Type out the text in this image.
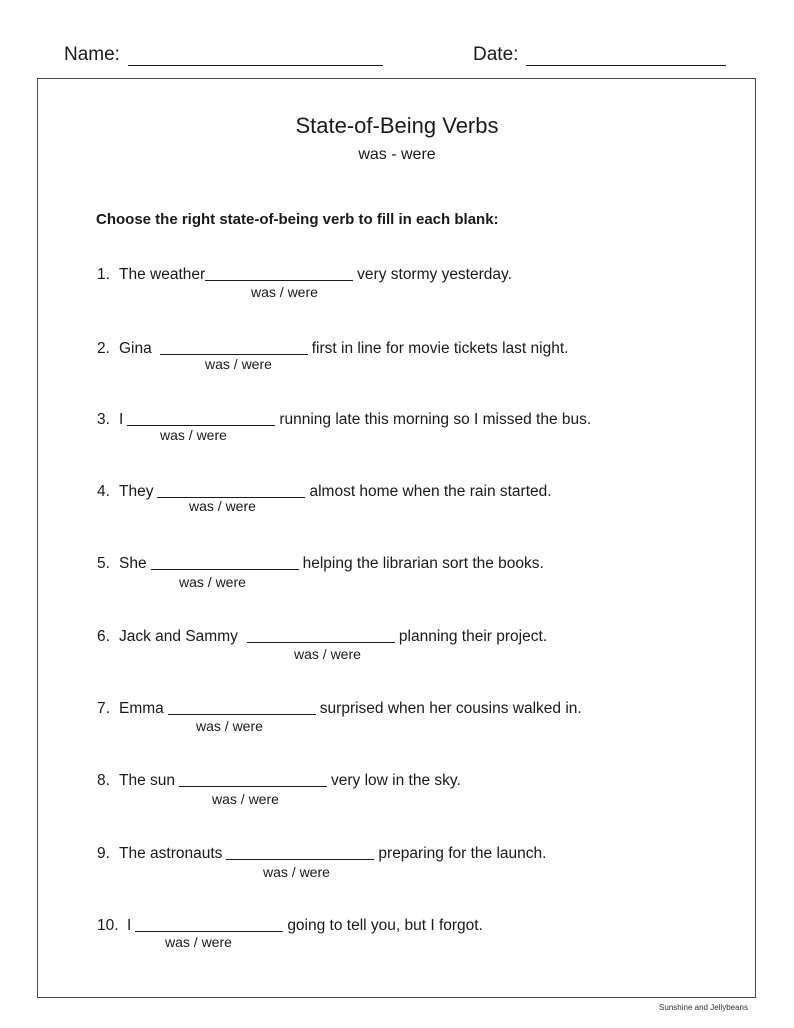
Name:	Date:
State-of-Being Verbs
was - were
Choose the right state-of-being verb to fill in each blank:
1. The weather	very stormy yesterday.
was / were
2. Gina	first in line for movie tickets last night.
was / were
3. I	running late this morning so I missed the bus.
was / were
4. They	almost home when the rain started.
was / were
5. She	helping the librarian sort the books.
was / were
6. Jack and Sammy	planning their project.
was / were
7. Emma	surprised when her cousins walked in.
was / were
8. The sun	very low in the sky.
was / were
9. The astronauts	preparing for the launch.
was / were
10. I	going to tell you, but I forgot.
was / were
Sunshine and Jellybeans
